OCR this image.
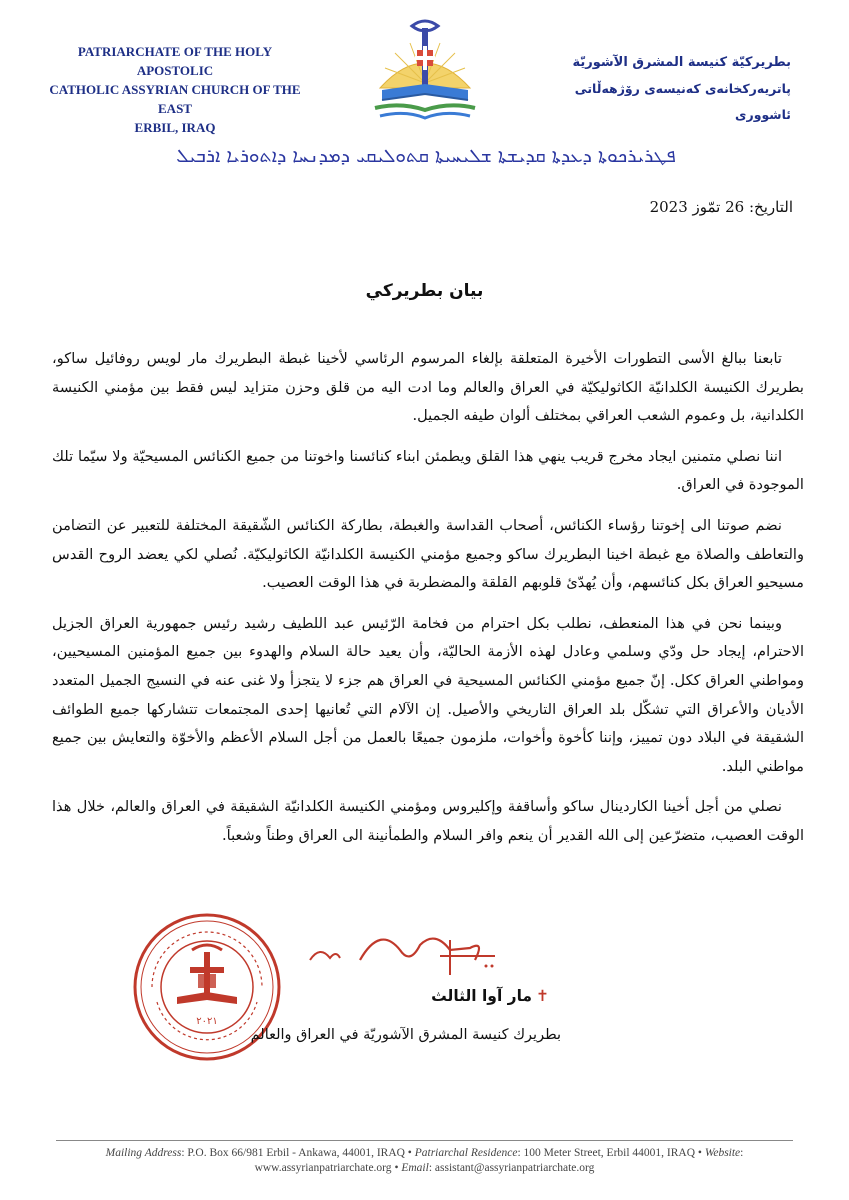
PATRIARCHATE OF THE HOLY APOSTOLIC
CATHOLIC ASSYRIAN CHURCH OF THE EAST
ERBIL, IRAQ
بطريركيّة كنيسة المشرق الآشوريّة
پاتریەرکخانەی کەنیسەی رۆژهەڵاتی ئاشووری
ܦܛܪܝܪܟܘܬܐ ܕܥܕܬܐ ܩܕܝܫܬܐ ܫܠܝܚܝܬܐ ܩܬܘܠܝܩܝ ܕܡܕܢܚܐ ܕܐܬܘܪܝܐ ܐܪܒܝܠ
التاريخ: 26 تمّوز 2023
بيان بطريركي

تابعنا ببالغ الأسى التطورات الأخيرة المتعلقة بإلغاء المرسوم الرئاسي لأخينا غبطة البطريرك مار لويس روفائيل ساكو، بطريرك الكنيسة الكلدانيّة الكاثوليكيّة في العراق والعالم وما ادت اليه من قلق وحزن متزايد ليس فقط بين مؤمني الكنيسة الكلدانية، بل وعموم الشعب العراقي بمختلف ألوان طيفه الجميل.

اننا نصلي متمنين ايجاد مخرج قريب ينهي هذا القلق ويطمئن ابناء كنائسنا واخوتنا من جميع الكنائس المسيحيّة ولا سيّما تلك الموجودة في العراق.

نضم صوتنا الى إخوتنا رؤساء الكنائس، أصحاب القداسة والغبطة، بطاركة الكنائس الشّقيقة المختلفة للتعبير عن التضامن والتعاطف والصلاة مع غبطة اخينا البطريرك ساكو وجميع مؤمني الكنيسة الكلدانيّة الكاثوليكيّة. نُصلي لكي يعضد الروح القدس مسيحيو العراق بكل كنائسهم، وأن يُهدّئ قلوبهم القلقة والمضطربة في هذا الوقت العصيب.

وبينما نحن في هذا المنعطف، نطلب بكل احترام من فخامة الرّئيس عبد اللطيف رشيد رئيس جمهورية العراق الجزيل الاحترام، إيجاد حل ودّي وسلمي وعادل لهذه الأزمة الحاليّة، وأن يعيد حالة السلام والهدوء بين جميع المؤمنين المسيحيين، ومواطني العراق ككل. إنّ جميع مؤمني الكنائس المسيحية في العراق هم جزء لا يتجزأ ولا غنى عنه في النسيج الجميل المتعدد الأديان والأعراق التي تشكّل بلد العراق التاريخي والأصيل. إن الآلام التي تُعانيها إحدى المجتمعات تتشاركها جميع الطوائف الشقيقة في البلاد دون تمييز، وإننا كأخوة وأخوات، ملزمون جميعًا بالعمل من أجل السلام الأعظم والأخوّة والتعايش بين جميع مواطني البلد.

نصلي من أجل أخينا الكاردينال ساكو وأساقفة وإكليروس ومؤمني الكنيسة الكلدانيّة الشقيقة في العراق والعالم، خلال هذا الوقت العصيب، متضرّعين إلى الله القدير أن ينعم وافر السلام والطمأنينة الى العراق وطناً وشعباً.

٢٠٢١
✝مار آوا الثالث
بطريرك كنيسة المشرق الآشوريّة في العراق والعالم
Mailing Address: P.O. Box 66/981 Erbil - Ankawa, 44001, IRAQ • Patriarchal Residence: 100 Meter Street, Erbil 44001, IRAQ • Website:
www.assyrianpatriarchate.org • Email: assistant@assyrianpatriarchate.org
